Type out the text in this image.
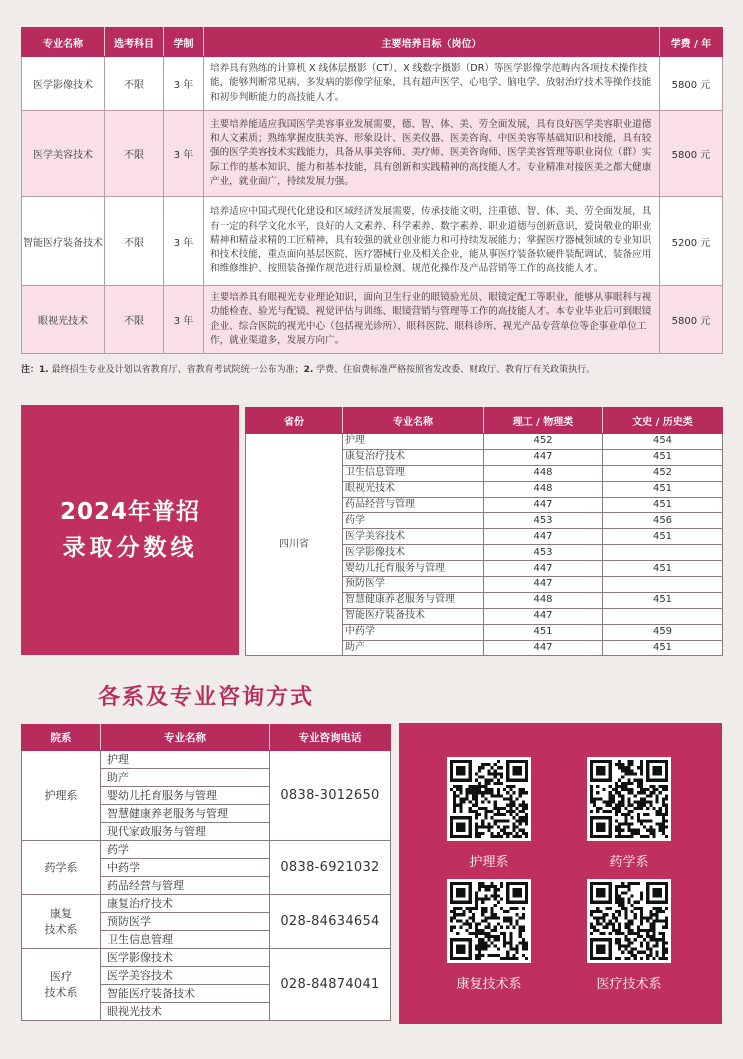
专业名称	选考科目	学制	主要培养目标（岗位）	学费 / 年
医学影像技术	不限	3 年	培养具有熟练的计算机 X 线体层摄影（CT）、X 线数字摄影（DR）等医学影像学范畴内各项技术操作技能，能够判断常见病、多发病的影像学征象，具有超声医学、心电学、脑电学、放射治疗技术等操作技能和初步判断能力的高技能人才。	5800 元
医学美容技术	不限	3 年	主要培养能适应我国医学美容事业发展需要，德、智、体、美、劳全面发展，具有良好医学美容职业道德和人文素质；熟练掌握皮肤美容、形象设计、医美仪器、医美咨询、中医美容等基础知识和技能，具有较强的医学美容技术实践能力，具备从事美容师、美疗师、医美咨询师、医学美容管理等职业岗位（群）实际工作的基本知识、能力和基本技能，具有创新和实践精神的高技能人才。专业精准对接医美之都大健康产业，就业面广，持续发展力强。	5800 元
智能医疗装备技术	不限	3 年	培养适应中国式现代化建设和区域经济发展需要，传承技能文明，注重德、智、体、美、劳全面发展，具有一定的科学文化水平，良好的人文素养、科学素养、数字素养、职业道德与创新意识，爱岗敬业的职业精神和精益求精的工匠精神，具有较强的就业创业能力和可持续发展能力；掌握医疗器械领域的专业知识和技术技能，重点面向基层医院、医疗器械行业及相关企业，能从事医疗装备软硬件装配调试、装备应用和维修维护、按照装备操作规范进行质量检测、规范化操作及产品营销等工作的高技能人才。	5200 元
眼视光技术	不限	3 年	主要培养具有眼视光专业理论知识，面向卫生行业的眼镜验光员、眼镜定配工等职业，能够从事眼科与视功能检查、验光与配镜、视觉评估与训练、眼镜营销与管理等工作的高技能人才。本专业毕业后可到眼镜企业、综合医院的视光中心（包括视光诊所）、眼科医院、眼科诊所、视光产品专营单位等企事业单位工作，就业渠道多，发展方向广。	5800 元
注：1. 最终招生专业及计划以省教育厅、省教育考试院统一公布为准；2. 学费、住宿费标准严格按照省发改委、财政厅、教育厅有关政策执行。
2024年普招
录取分数线
省份	专业名称	理工 / 物理类	文史 / 历史类
四川省	护理	452	454
	康复治疗技术	447	451
	卫生信息管理	448	452
	眼视光技术	448	451
	药品经营与管理	447	451
	药学	453	456
	医学美容技术	447	451
	医学影像技术	453	
	婴幼儿托育服务与管理	447	451
	预防医学	447	
	智慧健康养老服务与管理	448	451
	智能医疗装备技术	447	
	中药学	451	459
	助产	447	451
各系及专业咨询方式
院系	专业名称	专业咨询电话
护理系	护理	0838-3012650
	助产	
	婴幼儿托育服务与管理	
	智慧健康养老服务与管理	
	现代家政服务与管理	
药学系	药学	0838-6921032
	中药学	
	药品经营与管理	
康复
技术系	康复治疗技术	028-84634654
	预防医学	
	卫生信息管理	
医疗
技术系	医学影像技术	028-84874041
	医学美容技术	
	智能医疗装备技术	
	眼视光技术	
护理系	药学系
康复技术系	医疗技术系
